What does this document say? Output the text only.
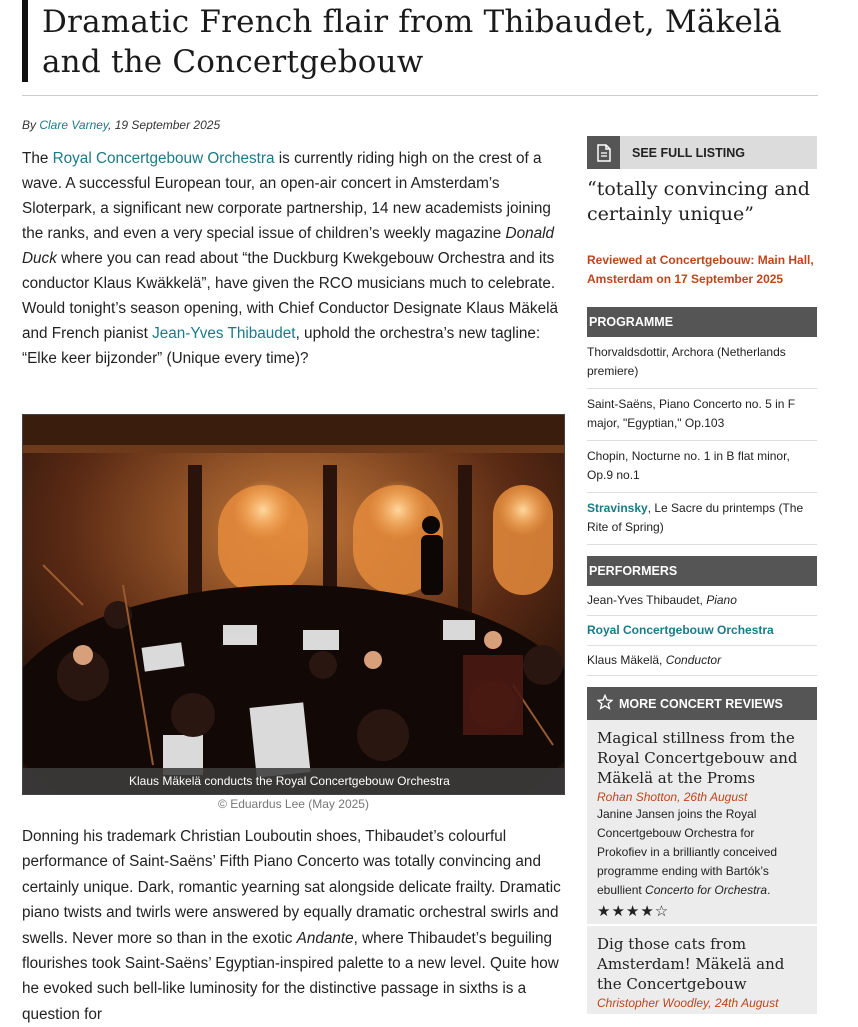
Dramatic French flair from Thibaudet, Mäkelä and the Concertgebouw
By Clare Varney, 19 September 2025

The Royal Concertgebouw Orchestra is currently riding high on the crest of a wave. A successful European tour, an open-air concert in Amsterdam’s Sloterpark, a significant new corporate partnership, 14 new academists joining the ranks, and even a very special issue of children’s weekly magazine Donald Duck where you can read about “the Duckburg Kwekgebouw Orchestra and its conductor Klaus Kwäkkelä”, have given the RCO musicians much to celebrate. Would tonight’s season opening, with Chief Conductor Designate Klaus Mäkelä and French pianist Jean-Yves Thibaudet, uphold the orchestra’s new tagline: “Elke keer bijzonder” (Unique every time)?

Klaus Mäkelä conducts the Royal Concertgebouw Orchestra
© Eduardus Lee (May 2025)

Donning his trademark Christian Louboutin shoes, Thibaudet’s colourful performance of Saint-Saëns’ Fifth Piano Concerto was totally convincing and certainly unique. Dark, romantic yearning sat alongside delicate frailty. Dramatic piano twists and twirls were answered by equally dramatic orchestral swirls and swells. Never more so than in the exotic Andante, where Thibaudet’s beguiling flourishes took Saint-Saëns’ Egyptian-inspired palette to a new level. Quite how he evoked such bell-like luminosity for the distinctive passage in sixths is a question for

SEE FULL LISTING
“totally convincing and certainly unique”
Reviewed at Concertgebouw: Main Hall, Amsterdam on 17 September 2025
PROGRAMME
Thorvaldsdottir, Archora (Netherlands premiere)
Saint-Saëns, Piano Concerto no. 5 in F major, "Egyptian," Op.103
Chopin, Nocturne no. 1 in B flat minor, Op.9 no.1
Stravinsky, Le Sacre du printemps (The Rite of Spring)
PERFORMERS
Jean-Yves Thibaudet, Piano
Royal Concertgebouw Orchestra
Klaus Mäkelä, Conductor
MORE CONCERT REVIEWS
Magical stillness from the Royal Concertgebouw and Mäkelä at the Proms
Rohan Shotton, 26th August
Janine Jansen joins the Royal Concertgebouw Orchestra for Prokofiev in a brilliantly conceived programme ending with Bartók’s ebullient Concerto for Orchestra.
★★★★☆
Dig those cats from Amsterdam! Mäkelä and the Concertgebouw
Christopher Woodley, 24th August
